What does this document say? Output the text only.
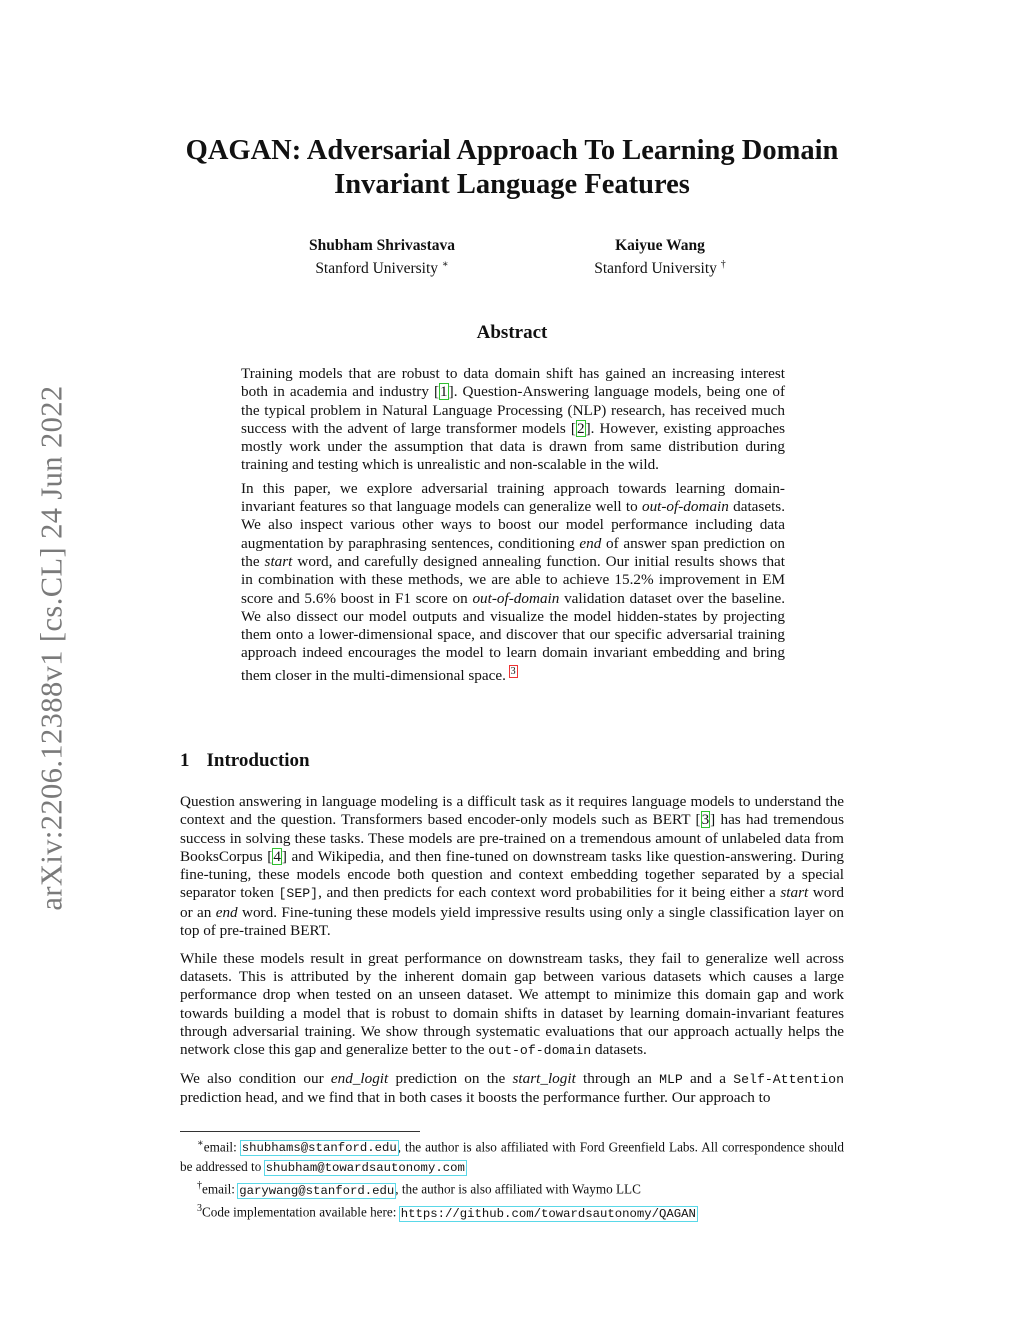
arXiv:2206.12388v1 [cs.CL] 24 Jun 2022
QAGAN: Adversarial Approach To Learning Domain
Invariant Language Features
Shubham Shrivastava
Stanford University ∗
Kaiyue Wang
Stanford University †
Abstract

Training models that are robust to data domain shift has gained an increasing interest both in academia and industry [1]. Question-Answering language models, being one of the typical problem in Natural Language Processing (NLP) research, has received much success with the advent of large transformer models [2]. However, existing approaches mostly work under the assumption that data is drawn from same distribution during training and testing which is unrealistic and non-scalable in the wild.

In this paper, we explore adversarial training approach towards learning domain-invariant features so that language models can generalize well to out-of-domain datasets. We also inspect various other ways to boost our model performance including data augmentation by paraphrasing sentences, conditioning end of answer span prediction on the start word, and carefully designed annealing function. Our initial results shows that in combination with these methods, we are able to achieve 15.2% improvement in EM score and 5.6% boost in F1 score on out-of-domain validation dataset over the baseline. We also dissect our model outputs and visualize the model hidden-states by projecting them onto a lower-dimensional space, and discover that our specific adversarial training approach indeed encourages the model to learn domain invariant embedding and bring them closer in the multi-dimensional space. $^3$

1 Introduction

Question answering in language modeling is a difficult task as it requires language models to understand the context and the question. Transformers based encoder-only models such as BERT [3] has had tremendous success in solving these tasks. These models are pre-trained on a tremendous amount of unlabeled data from BooksCorpus [4] and Wikipedia, and then fine-tuned on downstream tasks like question-answering. During fine-tuning, these models encode both question and context embedding together separated by a special separator token [SEP], and then predicts for each context word probabilities for it being either a start word or an end word. Fine-tuning these models yield impressive results using only a single classification layer on top of pre-trained BERT.

While these models result in great performance on downstream tasks, they fail to generalize well across datasets. This is attributed by the inherent domain gap between various datasets which causes a large performance drop when tested on an unseen dataset. We attempt to minimize this domain gap and work towards building a model that is robust to domain shifts in dataset by learning domain-invariant features through adversarial training. We show through systematic evaluations that our approach actually helps the network close this gap and generalize better to the out-of-domain datasets.

We also condition our end_logit prediction on the start_logit through an MLP and a Self-Attention prediction head, and we find that in both cases it boosts the performance further. Our approach to

∗email: shubhams@stanford.edu, the author is also affiliated with Ford Greenfield Labs. All correspondence should be addressed to shubham@towardsautonomy.com

†email: garywang@stanford.edu, the author is also affiliated with Waymo LLC

$^3$Code implementation available here: https://github.com/towardsautonomy/QAGAN
